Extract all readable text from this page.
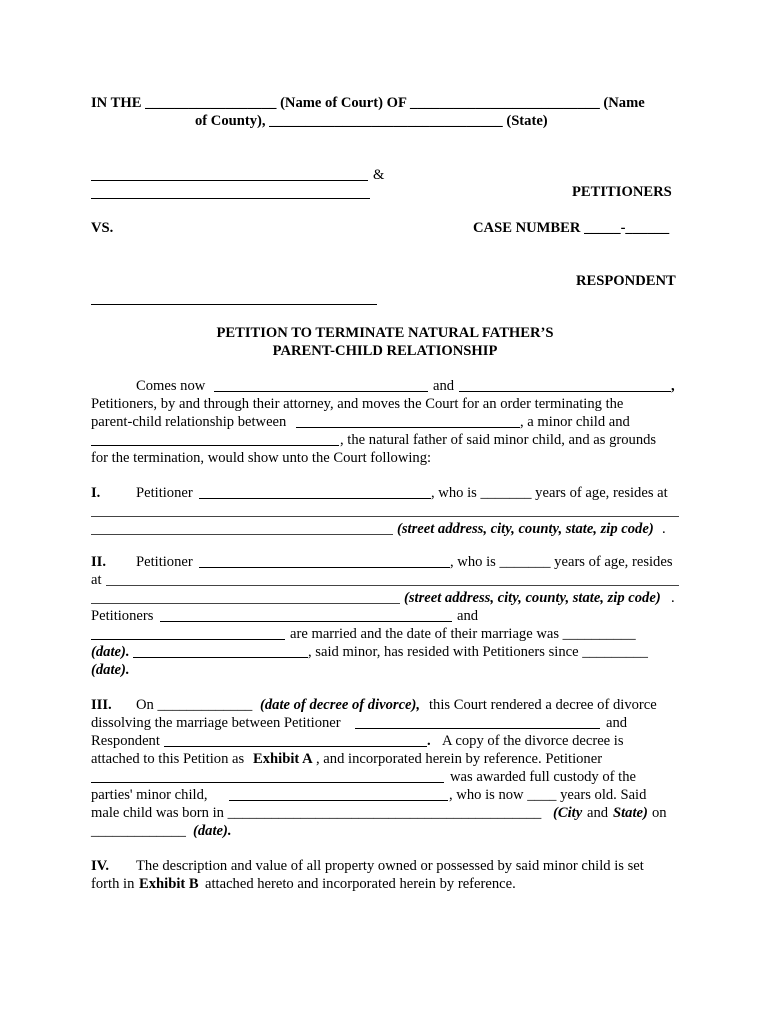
IN THE __________________ (Name of Court) OF __________________________ (Name
of County), ________________________________ (State)
&
PETITIONERS
VS.	CASE NUMBER _____-______
RESPONDENT
PETITION TO TERMINATE NATURAL FATHER’S
PARENT-CHILD RELATIONSHIP
Comes now	and	,
Petitioners, by and through their attorney, and moves the Court for an order terminating the
parent-child relationship between	, a minor child and
, the natural father of said minor child, and as grounds
for the termination, would show unto the Court following:
I. Petitioner	, who is _______ years of age, resides at
(street address, city, county, state, zip code) .
II. Petitioner	, who is _______ years of age, resides
at
(street address, city, county, state, zip code) .
Petitioners	and
are married and the date of their marriage was __________
(date).	, said minor, has resided with Petitioners since _________
(date).
III. On _____________ (date of decree of divorce), this Court rendered a decree of divorce
dissolving the marriage between Petitioner	and
Respondent	. A copy of the divorce decree is
attached to this Petition as Exhibit A , and incorporated herein by reference. Petitioner
was awarded full custody of the
parties' minor child,	, who is now ____ years old. Said
male child was born in ___________________________________________ (City and State) on
_____________ (date).
IV. The description and value of all property owned or possessed by said minor child is set
forth in Exhibit B attached hereto and incorporated herein by reference.
